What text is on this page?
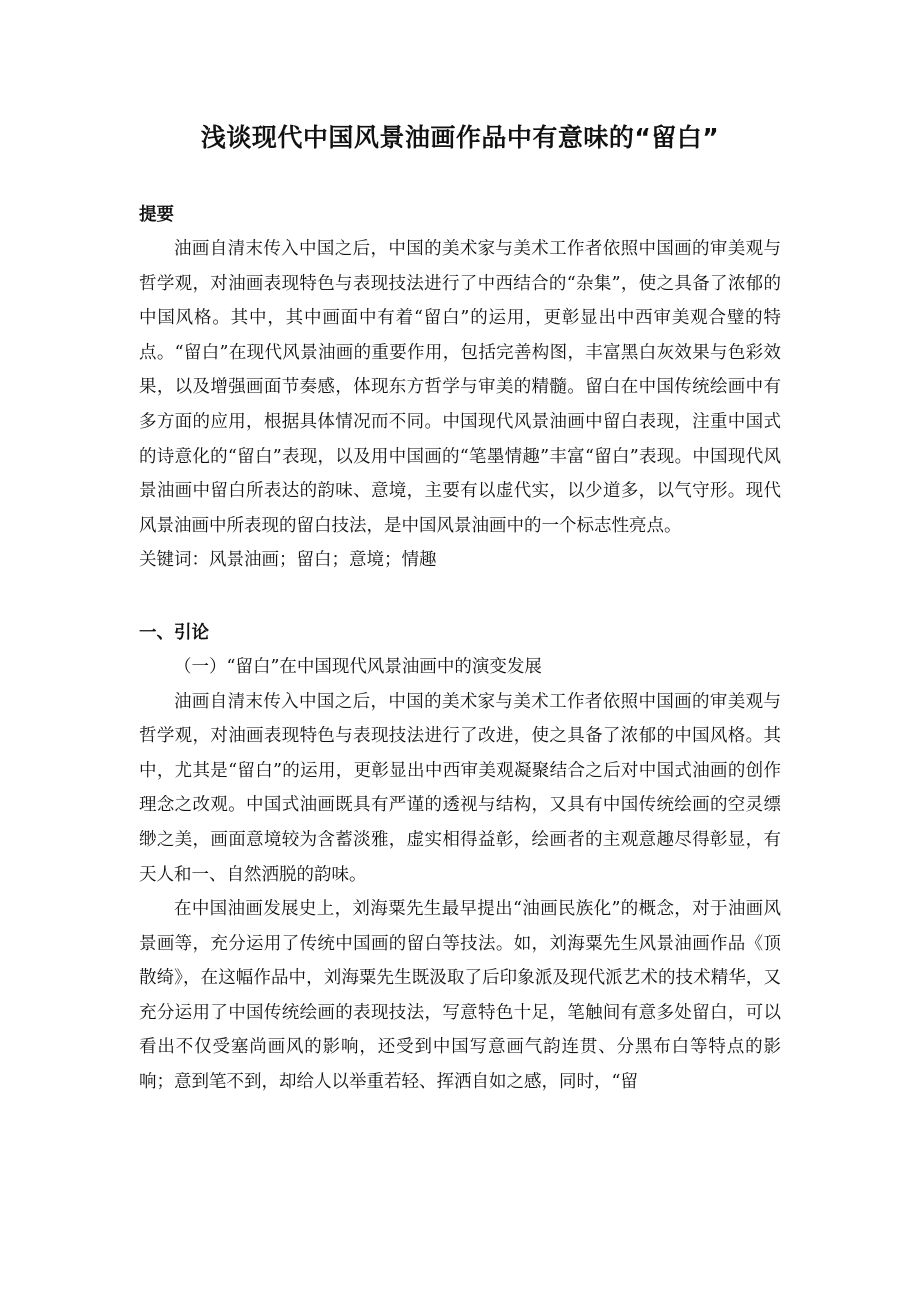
浅谈现代中国风景油画作品中有意味的“留白”

提要

油画自清末传入中国之后，中国的美术家与美术工作者依照中国画的审美观与哲学观，对油画表现特色与表现技法进行了中西结合的“杂集”，使之具备了浓郁的中国风格。其中，其中画面中有着“留白”的运用，更彰显出中西审美观合璧的特点。“留白”在现代风景油画的重要作用，包括完善构图，丰富黑白灰效果与色彩效果，以及增强画面节奏感，体现东方哲学与审美的精髓。留白在中国传统绘画中有多方面的应用，根据具体情况而不同。中国现代风景油画中留白表现，注重中国式的诗意化的“留白”表现，以及用中国画的“笔墨情趣”丰富“留白”表现。中国现代风景油画中留白所表达的韵味、意境，主要有以虚代实，以少道多，以气守形。现代风景油画中所表现的留白技法，是中国风景油画中的一个标志性亮点。

关键词：风景油画；留白；意境；情趣

一、引论

（一）“留白”在中国现代风景油画中的演变发展

油画自清末传入中国之后，中国的美术家与美术工作者依照中国画的审美观与哲学观，对油画表现特色与表现技法进行了改进，使之具备了浓郁的中国风格。其中，尤其是“留白”的运用，更彰显出中西审美观凝聚结合之后对中国式油画的创作理念之改观。中国式油画既具有严谨的透视与结构，又具有中国传统绘画的空灵缥缈之美，画面意境较为含蓄淡雅，虚实相得益彰，绘画者的主观意趣尽得彰显，有天人和一、自然洒脱的韵味。

在中国油画发展史上，刘海粟先生最早提出“油画民族化”的概念，对于油画风景画等，充分运用了传统中国画的留白等技法。如，刘海粟先生风景油画作品《顶散绮》，在这幅作品中，刘海粟先生既汲取了后印象派及现代派艺术的技术精华，又充分运用了中国传统绘画的表现技法，写意特色十足，笔触间有意多处留白，可以看出不仅受塞尚画风的影响，还受到中国写意画气韵连贯、分黑布白等特点的影响；意到笔不到，却给人以举重若轻、挥洒自如之感，同时，“留
